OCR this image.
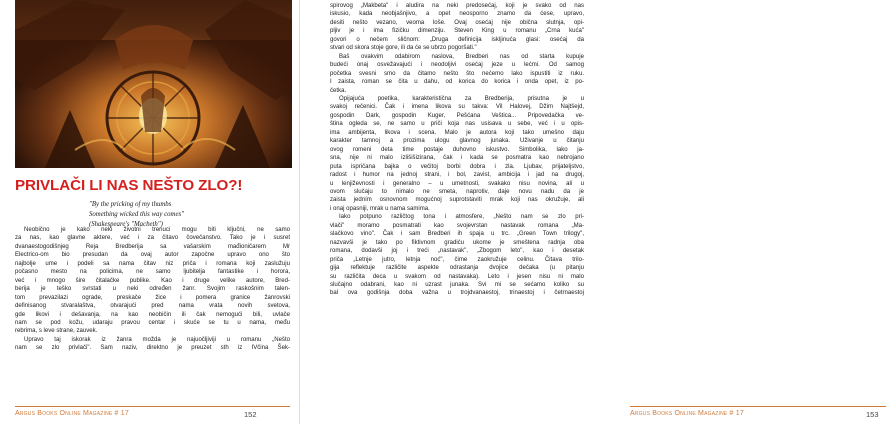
PRIVLAČI LI NAS NEŠTO ZLO?!
"By the pricking of my thumbs
Something wicked this way comes"
(Shakespeare's "Macbeth")
Neobično je kako neki životni trenuci mogu biti ključni, ne samo
za nas, kao glavne aktere, već i za čitavo čovečanstvo. Tako je i susret
dvanaestogodišnjeg Reja Bredberija sa vašarskim mađioničarem Mr
Electrico-om bio presudan da ovaj autor započne upravo ono što
najbolje ume i podeli sa nama čitav niz priča i romana koji zaslužuju
počasno mesto na policima, ne samo ljubitelja fantastike i horora,
već i mnogo šire čitalačke publike. Kao i druge velike autore, Bred-
berija je teško svrstati u neki određen žanr. Svojim raskošnim talen-
tom prevazilazi ograde, preskače žice i pomera granice žanrovski
definisanog stvaralaštva, otvarajući pred nama vrata novih svetova,
gde likovi i dešavanja, na kao neobičin ili čak nemogući bili, uvlače
nam se pod kožu, udaraju pravou centar i skuće se tu u nama, među
rebrima, s leve strane, zauvek.
Upravo taj iskorak iz žanra možda je najuočljiviji u romanu „Nešto
nam se zlo privlači". Sam naziv, direktno je preuzet sth iz IVčina Šek-
Argus Books Online Magazine # 17	152	Argus Books Online Magazine # 17	153
spirovog „Makbeta" i aludira na neki predosećaj, koji je svako od nas
iskusio, kada neobjašnjivo, a opet neosporno znamo da ćese, upravo,
desiti nešto vezano, veoma loše. Ovaj osećaj nije obična slutnja, opi-
pljiv je i ima fizičku dimenziju. Steven King u romanu „Crna kuća"
govori o nečem sličnom: „Druga definicija iskljinuća glasi: osećaj da
stvari od skora stoje gore, ili da će se ubrzo pogoršati."
Baš ovakvim odabirom naslova, Bredberi nas od starta kupuje
budeći onaj osvežavajući i neodoljivi osećaj jeze u lećmi. Od samog
početka svesni smo da čitamo nešto što nećemo lako ispustiti iz ruku.
I zaista, roman se čita u dahu, od korica do korica i onda opet, iz po-
četka.
Opijajuća poetika, karakteristična za Bredberija, prisutna je u
svakoj rečenici. Čak i imena likova su takva: Vil Halovej, Džim Najtšejd,
gospodin Dark, gospodin Kuger, Pešćana Veštica... Pripovedačka ve-
ština ogleda se, ne samo u priči koja nas usisava u sebe, već i u opis-
ima ambijenta, likova i scena. Malo je autora koji tako umešno daju
karakter tamnoj a prozima ulogu glavnog junaka. Uživanje u čitanju
ovog romeni deta time postaje duhovno iskustvo. Simbolika, lako ja-
sna, nije ni malo izlišišizirana, čak i kada se posmatra kao nebrojano
puta ispričana bajka o večitoj borbi dobra i zla. Ljubav, prijateljstvo,
radost i humor na jednoj strani, i bol, zavist, ambicija i jad na drugoj,
u lenjiževnosti i generalno – u umetnosti, svakako nisu novina, ali u
ovom slučaju to nimalo ne smeta, naprotiv, daje novu nadu da je
zaista jedním osnovnom mogućnoj suprotstaviti mrak koji nas okružuje, ali
i onaj opasniji, mrak u nama samima.
Iako potpuno različtog tona i atmosfere, „Nešto nam se zlo pri-
vlači" moramo posmatrati kao svojevrstan nastavak romana „Ma-
slačkovo vino". Čak i sam Bredberi ih spaja u trc. „Green Town trilogy",
nazvavši je tako po fiktivnom gradiću ukome je smeštena radnja oba
romana, dodavši joj i treći „nastavak", „Zbogom leto", kao i desetak
priča „Letnje jutro, letnja noć", čime zaokružuje celinu. Čitava trilo-
gija reflektuje različite aspekte odrastanja dvojice dečaka (u pitanju
su različita deca u svakom od nastavaka). Leto i jesen nisu ni malo
slučajno odabrani, kao ni uzrast junaka. Svi mi se sećamo koliko su
bal ova godišnja doba važna u trojdvanaestoj, trinaestoj i četrnaestoj
